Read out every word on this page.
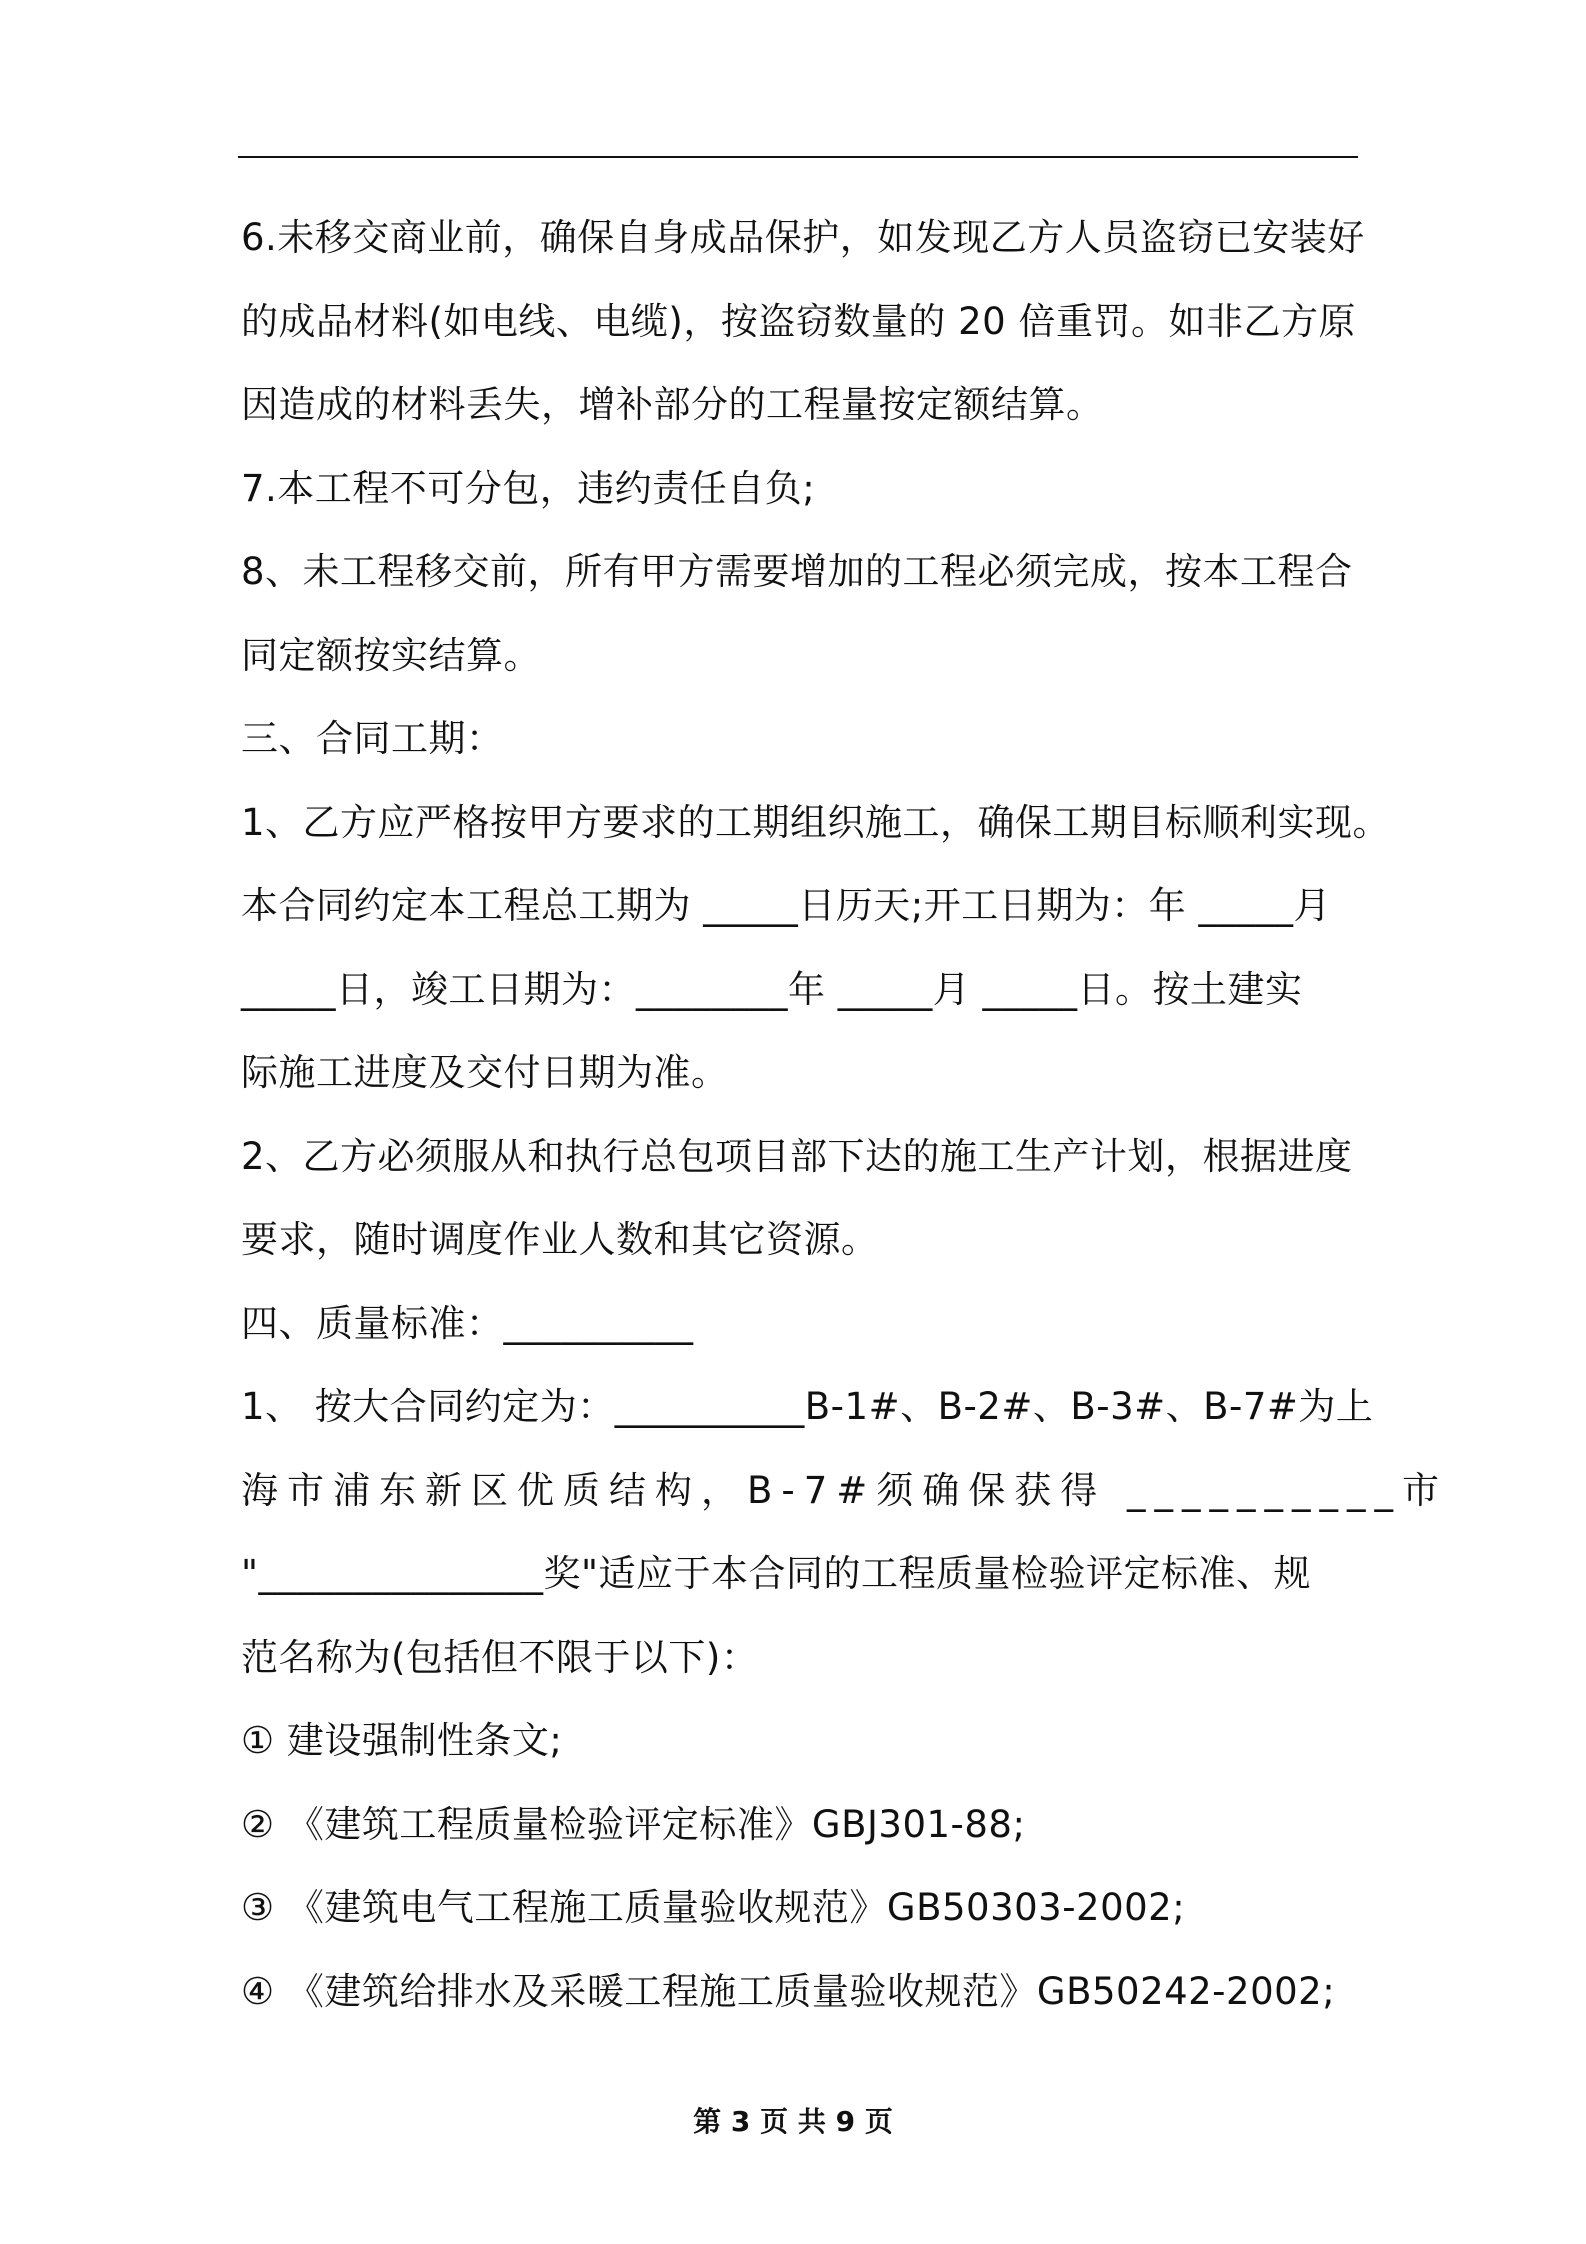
6.未移交商业前，确保自身成品保护，如发现乙方人员盗窃已安装好
的成品材料(如电线、电缆)，按盗窃数量的 20 倍重罚。如非乙方原
因造成的材料丢失，增补部分的工程量按定额结算。
7.本工程不可分包，违约责任自负;
8、未工程移交前，所有甲方需要增加的工程必须完成，按本工程合
同定额按实结算。
三、合同工期：
1、乙方应严格按甲方要求的工期组织施工，确保工期目标顺利实现。
本合同约定本工程总工期为 _____日历天;开工日期为：年 _____月
_____日，竣工日期为：________年 _____月 _____日。按土建实
际施工进度及交付日期为准。
2、乙方必须服从和执行总包项目部下达的施工生产计划，根据进度
要求，随时调度作业人数和其它资源。
四、质量标准：__________
1、 按大合同约定为：__________B-1#、B-2#、B-3#、B-7#为上
海市浦东新区优质结构，B-7#须确保获得 __________市
"_______________奖"适应于本合同的工程质量检验评定标准、规
范名称为(包括但不限于以下)：
① 建设强制性条文;
② 《建筑工程质量检验评定标准》GBJ301-88;
③ 《建筑电气工程施工质量验收规范》GB50303-2002;
④ 《建筑给排水及采暖工程施工质量验收规范》GB50242-2002;
第 3 页 共 9 页
